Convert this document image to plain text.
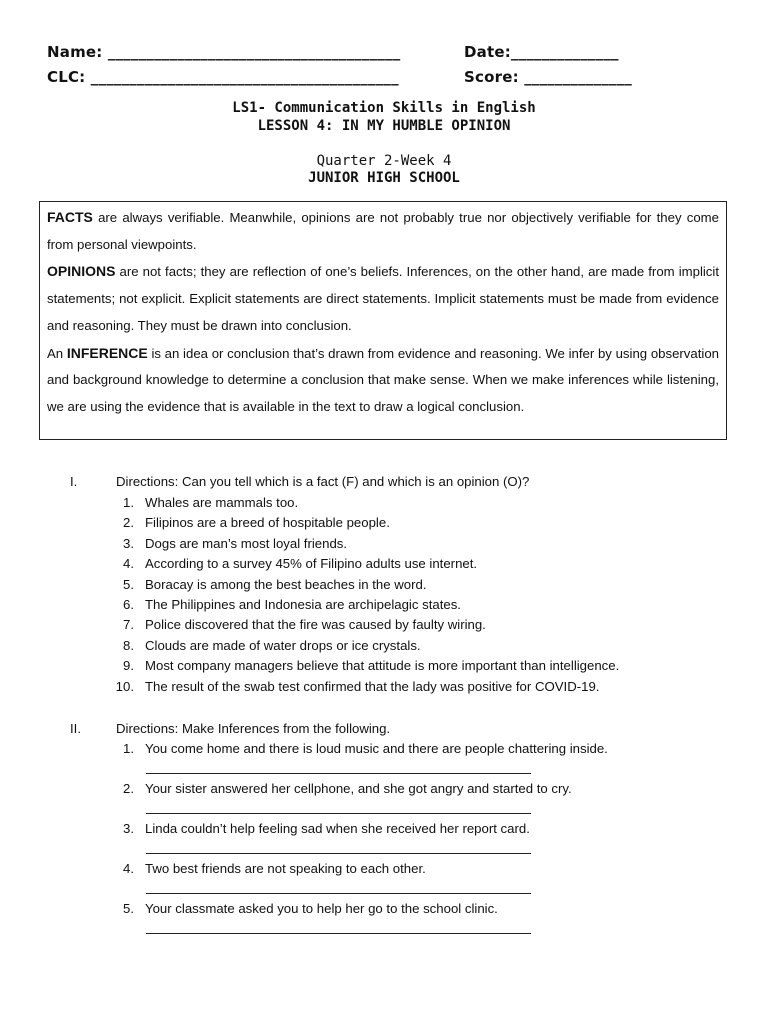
Name: ______________________________________	Date:______________
CLC: ________________________________________	Score: ______________
LS1- Communication Skills in English
LESSON 4: IN MY HUMBLE OPINION
Quarter 2-Week 4
JUNIOR HIGH SCHOOL

FACTS are always verifiable. Meanwhile, opinions are not probably true nor objectively verifiable for they come from personal viewpoints.

OPINIONS are not facts; they are reflection of one’s beliefs. Inferences, on the other hand, are made from implicit statements; not explicit. Explicit statements are direct statements. Implicit statements must be made from evidence and reasoning. They must be drawn into conclusion.

An INFERENCE is an idea or conclusion that’s drawn from evidence and reasoning. We infer by using observation and background knowledge to determine a conclusion that make sense. When we make inferences while listening, we are using the evidence that is available in the text to draw a logical conclusion.

I.	Directions: Can you tell which is a fact (F) and which is an opinion (O)?
1. Whales are mammals too.
2. Filipinos are a breed of hospitable people.
3. Dogs are man’s most loyal friends.
4. According to a survey 45% of Filipino adults use internet.
5. Boracay is among the best beaches in the word.
6. The Philippines and Indonesia are archipelagic states.
7. Police discovered that the fire was caused by faulty wiring.
8. Clouds are made of water drops or ice crystals.
9. Most company managers believe that attitude is more important than intelligence.
10. The result of the swab test confirmed that the lady was positive for COVID-19.
II.	Directions: Make Inferences from the following.
1. You come home and there is loud music and there are people chattering inside.
2. Your sister answered her cellphone, and she got angry and started to cry.
3. Linda couldn’t help feeling sad when she received her report card.
4. Two best friends are not speaking to each other.
5. Your classmate asked you to help her go to the school clinic.
